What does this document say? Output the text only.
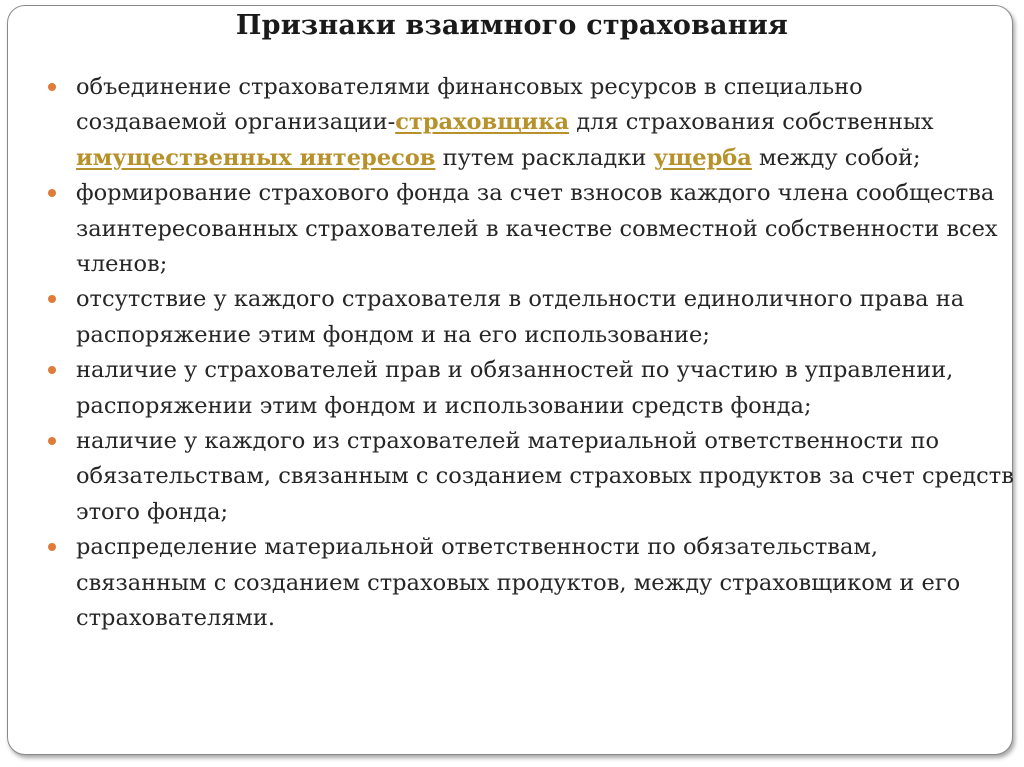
Признаки взаимного страхования
объединение страхователями финансовых ресурсов в специально создаваемой организации-страховщика для страхования собственных имущественных интересов путем раскладки ущерба между собой;
формирование страхового фонда за счет взносов каждого члена сообщества заинтересованных страхователей в качестве совместной собственности всех членов;
отсутствие у каждого страхователя в отдельности единоличного права на распоряжение этим фондом и на его использование;
наличие у страхователей прав и обязанностей по участию в управлении, распоряжении этим фондом и использовании средств фонда;
наличие у каждого из страхователей материальной ответственности по обязательствам, связанным с созданием страховых продуктов за счет средств этого фонда;
распределение материальной ответственности по обязательствам, связанным с созданием страховых продуктов, между страховщиком и его страхователями.
